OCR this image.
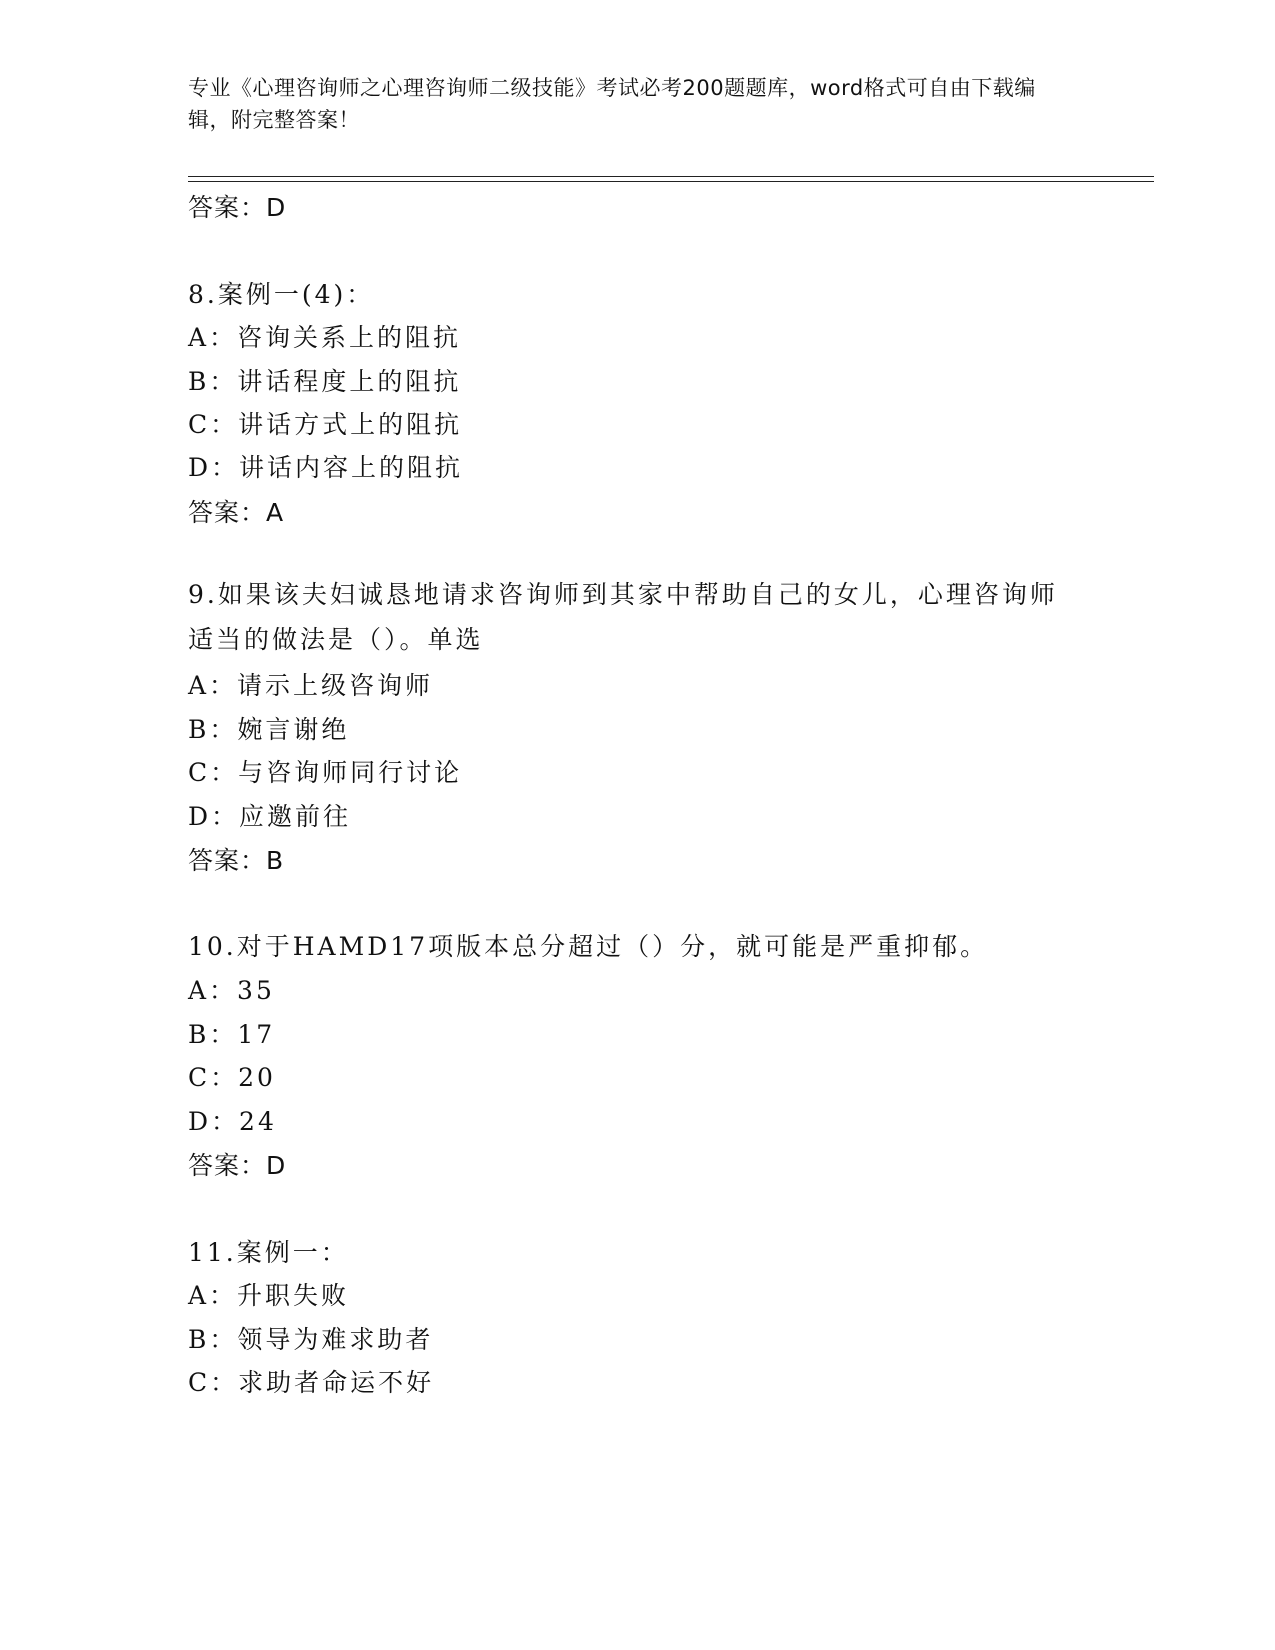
专业《心理咨询师之心理咨询师二级技能》考试必考200题题库，word格式可自由下载编辑，附完整答案！
答案：D
8.案例一(4)：
A：咨询关系上的阻抗
B：讲话程度上的阻抗
C：讲话方式上的阻抗
D：讲话内容上的阻抗
答案：A
9.如果该夫妇诚恳地请求咨询师到其家中帮助自己的女儿，心理咨询师适当的做法是（）。单选
A：请示上级咨询师
B：婉言谢绝
C：与咨询师同行讨论
D：应邀前往
答案：B
10.对于HAMD17项版本总分超过（）分，就可能是严重抑郁。
A：35
B：17
C：20
D：24
答案：D
11.案例一：
A：升职失败
B：领导为难求助者
C：求助者命运不好
